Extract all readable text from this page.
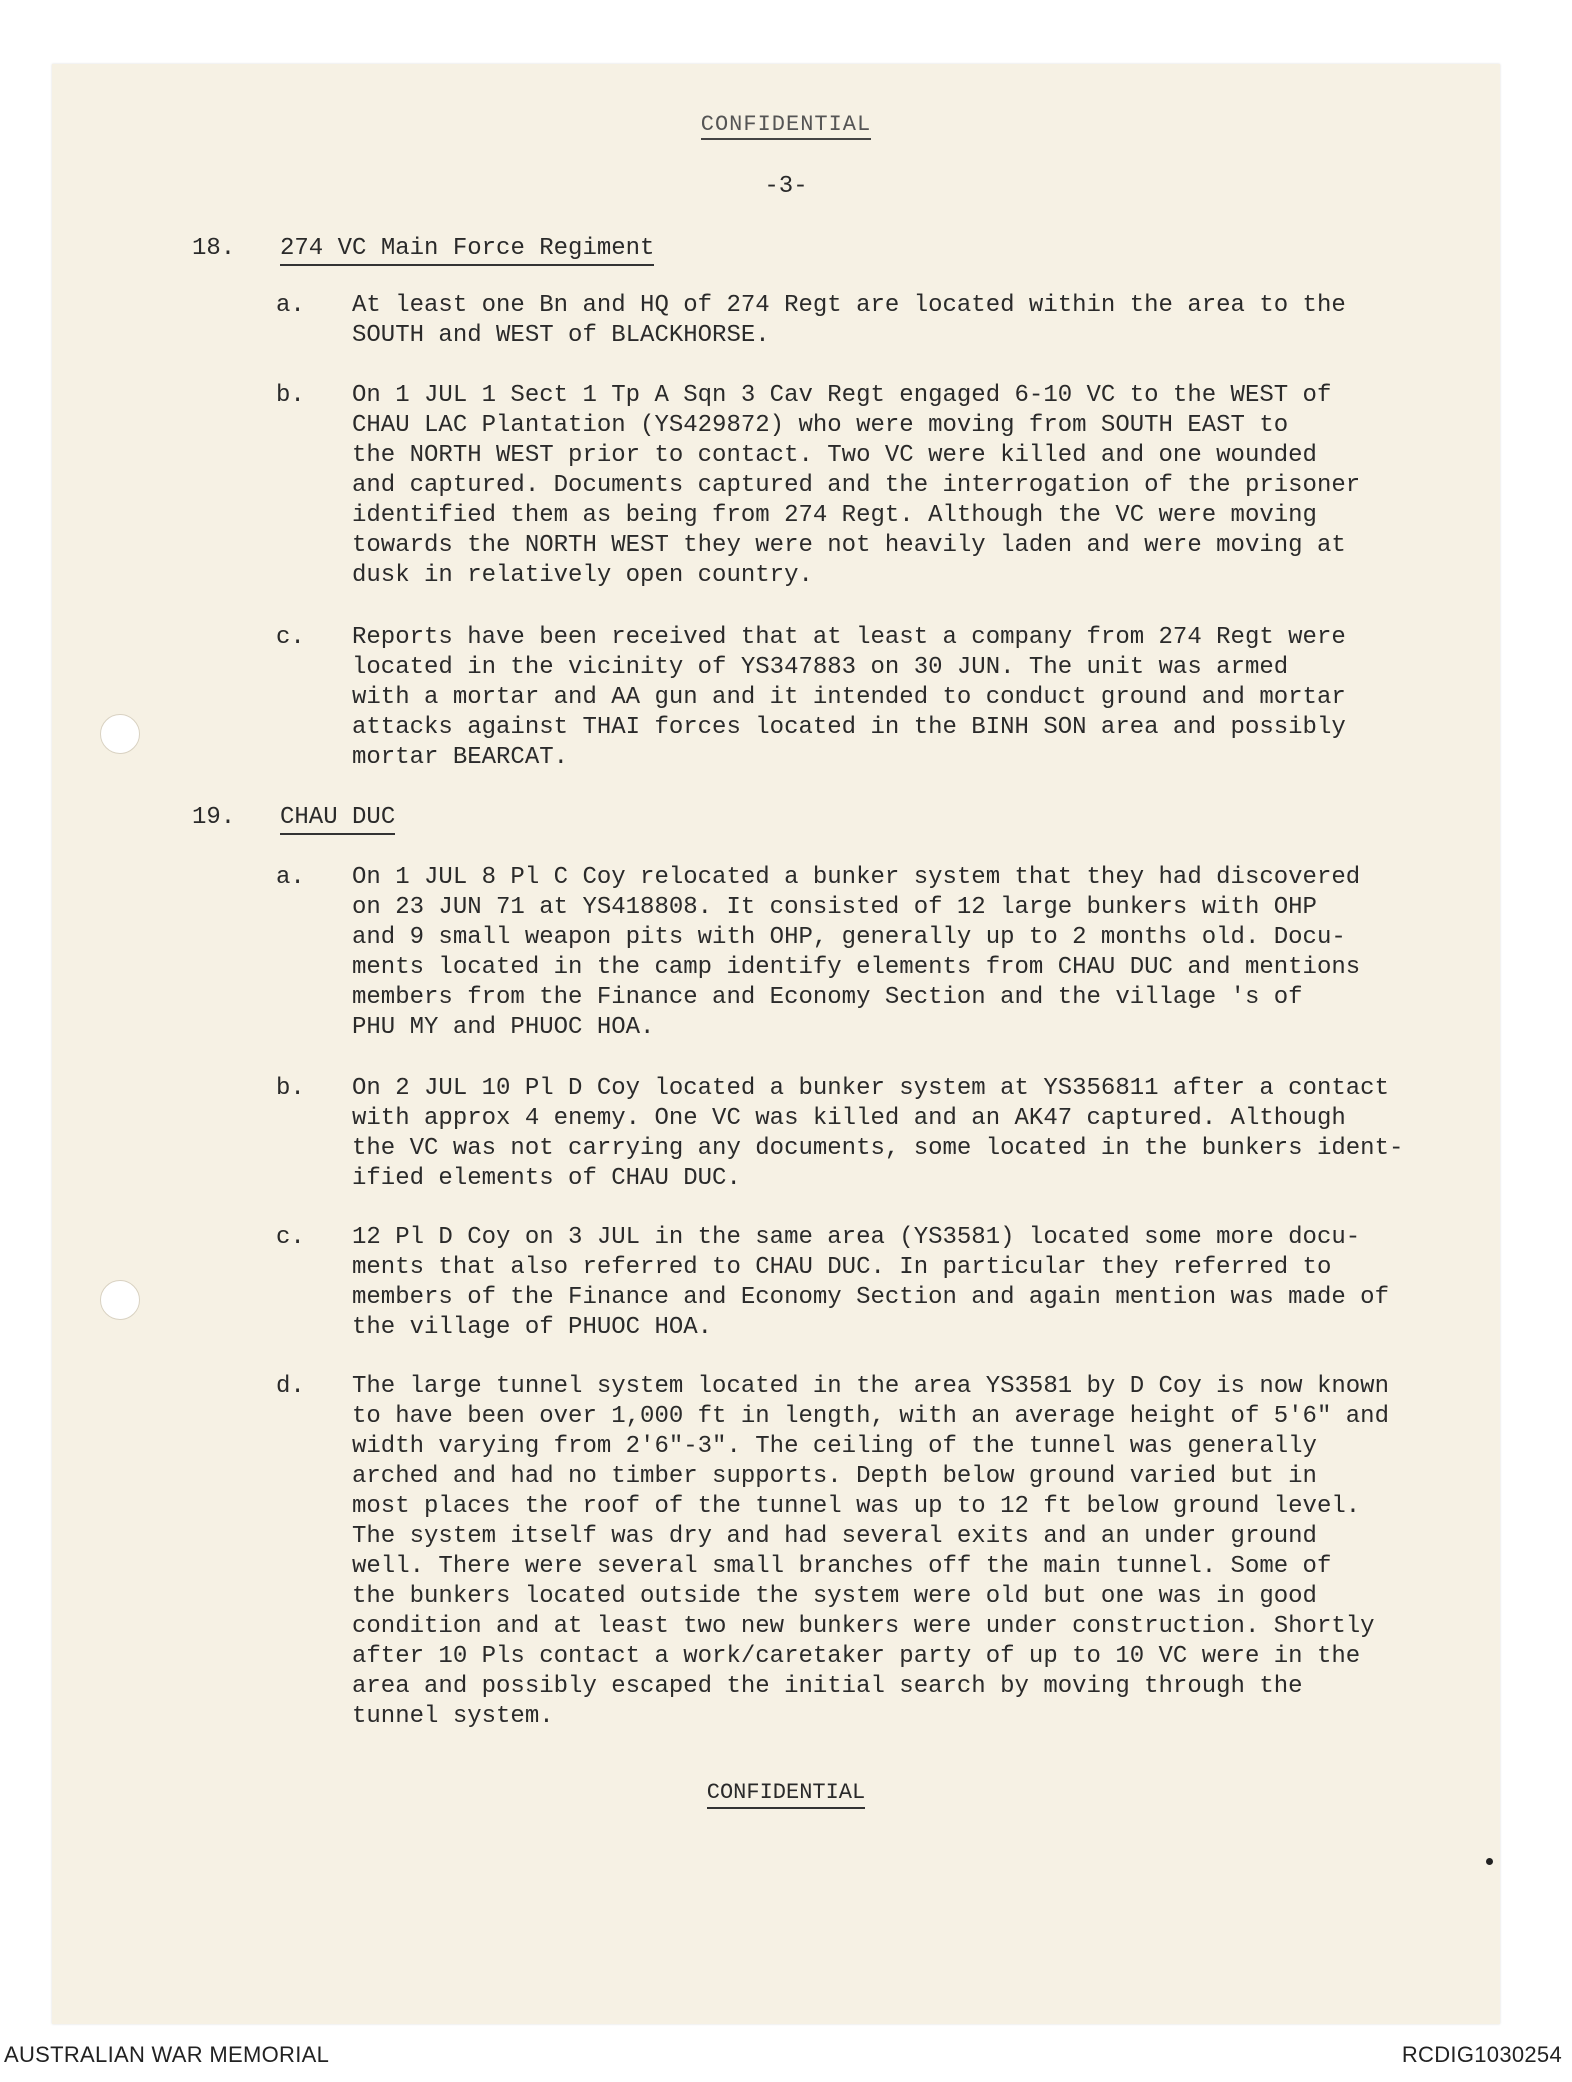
CONFIDENTIAL
-3-
18. 274 VC Main Force Regiment
a. At least one Bn and HQ of 274 Regt are located within the area to the
SOUTH and WEST of BLACKHORSE.
b. On 1 JUL 1 Sect 1 Tp A Sqn 3 Cav Regt engaged 6-10 VC to the WEST of
CHAU LAC Plantation (YS429872) who were moving from SOUTH EAST to
the NORTH WEST prior to contact. Two VC were killed and one wounded
and captured. Documents captured and the interrogation of the prisoner
identified them as being from 274 Regt. Although the VC were moving
towards the NORTH WEST they were not heavily laden and were moving at
dusk in relatively open country.
c. Reports have been received that at least a company from 274 Regt were
located in the vicinity of YS347883 on 30 JUN. The unit was armed
with a mortar and AA gun and it intended to conduct ground and mortar
attacks against THAI forces located in the BINH SON area and possibly
mortar BEARCAT.
19. CHAU DUC
a. On 1 JUL 8 Pl C Coy relocated a bunker system that they had discovered
on 23 JUN 71 at YS418808. It consisted of 12 large bunkers with OHP
and 9 small weapon pits with OHP, generally up to 2 months old. Docu-
ments located in the camp identify elements from CHAU DUC and mentions
members from the Finance and Economy Section and the village 's of
PHU MY and PHUOC HOA.
b. On 2 JUL 10 Pl D Coy located a bunker system at YS356811 after a contact
with approx 4 enemy. One VC was killed and an AK47 captured. Although
the VC was not carrying any documents, some located in the bunkers ident-
ified elements of CHAU DUC.
c. 12 Pl D Coy on 3 JUL in the same area (YS3581) located some more docu-
ments that also referred to CHAU DUC. In particular they referred to
members of the Finance and Economy Section and again mention was made of
the village of PHUOC HOA.
d. The large tunnel system located in the area YS3581 by D Coy is now known
to have been over 1,000 ft in length, with an average height of 5'6" and
width varying from 2'6"-3". The ceiling of the tunnel was generally
arched and had no timber supports. Depth below ground varied but in
most places the roof of the tunnel was up to 12 ft below ground level.
The system itself was dry and had several exits and an under ground
well. There were several small branches off the main tunnel. Some of
the bunkers located outside the system were old but one was in good
condition and at least two new bunkers were under construction. Shortly
after 10 Pls contact a work/caretaker party of up to 10 VC were in the
area and possibly escaped the initial search by moving through the
tunnel system.
CONFIDENTIAL
AUSTRALIAN WAR MEMORIAL	RCDIG1030254
